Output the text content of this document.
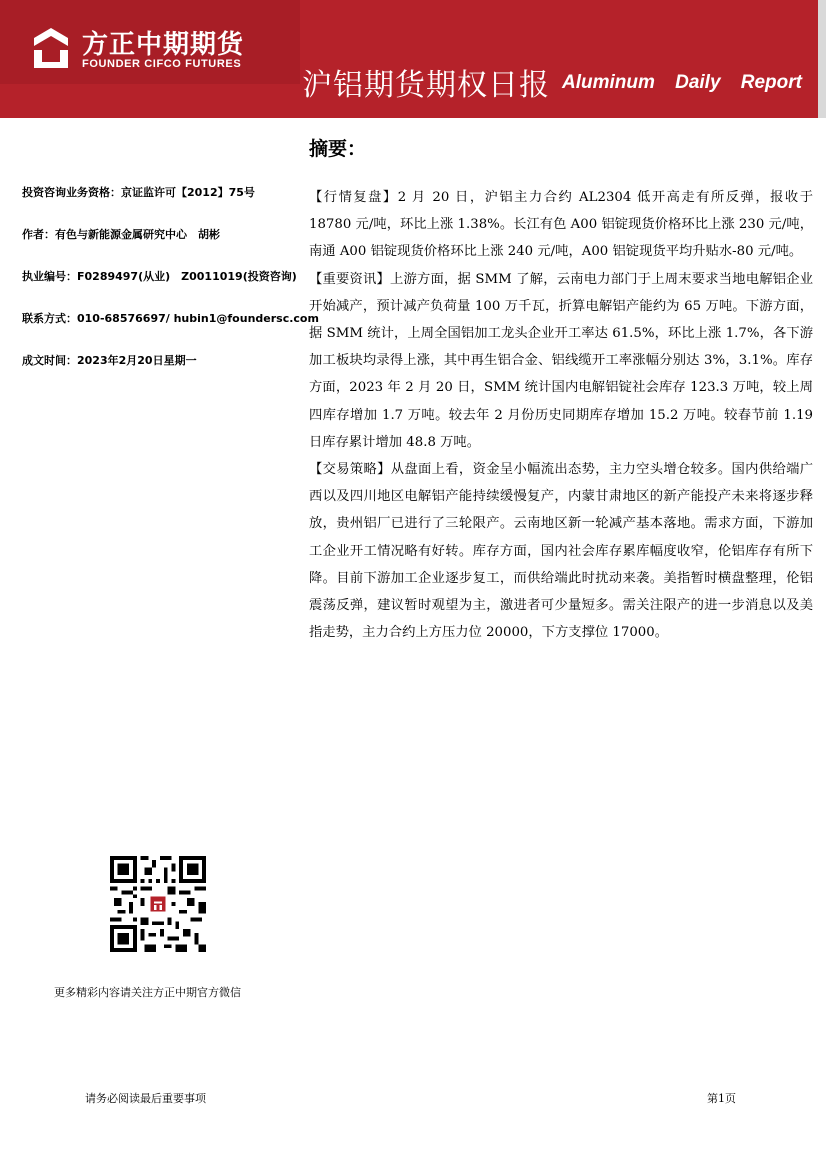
方正中期期货
FOUNDER CIFCO FUTURES
沪铝期货期权日报 Aluminum Daily Report
投资咨询业务资格：京证监许可【2012】75号
作者：有色与新能源金属研究中心　胡彬
执业编号：F0289497(从业)　Z0011019(投资咨询)
联系方式：010-68576697/ hubin1@foundersc.com
成文时间：2023年2月20日星期一
摘要：

【行情复盘】2 月 20 日，沪铝主力合约 AL2304 低开高走有所反弹，报收于 18780 元/吨，环比上涨 1.38%。长江有色 A00 铝锭现货价格环比上涨 230 元/吨，南通 A00 铝锭现货价格环比上涨 240 元/吨，A00 铝锭现货平均升贴水-80 元/吨。

【重要资讯】上游方面，据 SMM 了解，云南电力部门于上周末要求当地电解铝企业开始减产，预计减产负荷量 100 万千瓦，折算电解铝产能约为 65 万吨。下游方面，据 SMM 统计，上周全国铝加工龙头企业开工率达 61.5%，环比上涨 1.7%，各下游加工板块均录得上涨，其中再生铝合金、铝线缆开工率涨幅分别达 3%，3.1%。库存方面，2023 年 2 月 20 日，SMM 统计国内电解铝锭社会库存 123.3 万吨，较上周四库存增加 1.7 万吨。较去年 2 月份历史同期库存增加 15.2 万吨。较春节前 1.19 日库存累计增加 48.8 万吨。

【交易策略】从盘面上看，资金呈小幅流出态势，主力空头增仓较多。国内供给端广西以及四川地区电解铝产能持续缓慢复产，内蒙甘肃地区的新产能投产未来将逐步释放，贵州铝厂已进行了三轮限产。云南地区新一轮减产基本落地。需求方面，下游加工企业开工情况略有好转。库存方面，国内社会库存累库幅度收窄，伦铝库存有所下降。目前下游加工企业逐步复工，而供给端此时扰动来袭。美指暂时横盘整理，伦铝震荡反弹，建议暂时观望为主，激进者可少量短多。需关注限产的进一步消息以及美指走势，主力合约上方压力位 20000，下方支撑位 17000。

更多精彩内容请关注方正中期官方微信
请务必阅读最后重要事项	第1页
